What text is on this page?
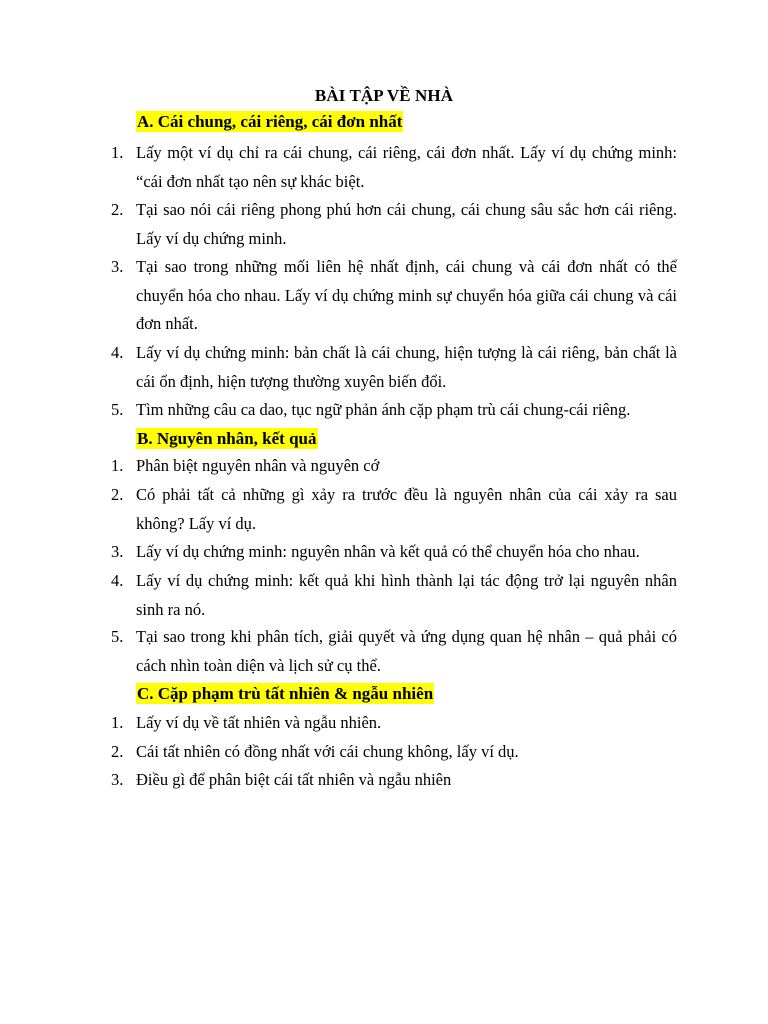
BÀI TẬP VỀ NHÀ
A. Cái chung, cái riêng, cái đơn nhất
1. Lấy một ví dụ chỉ ra cái chung, cái riêng, cái đơn nhất. Lấy ví dụ chứng minh: “cái đơn nhất tạo nên sự khác biệt.
2. Tại sao nói cái riêng phong phú hơn cái chung, cái chung sâu sắc hơn cái riêng. Lấy ví dụ chứng minh.
3. Tại sao trong những mối liên hệ nhất định, cái chung và cái đơn nhất có thể chuyển hóa cho nhau. Lấy ví dụ chứng minh sự chuyển hóa giữa cái chung và cái đơn nhất.
4. Lấy ví dụ chứng minh: bản chất là cái chung, hiện tượng là cái riêng, bản chất là cái ổn định, hiện tượng thường xuyên biến đổi.
5. Tìm những câu ca dao, tục ngữ phản ánh cặp phạm trù cái chung-cái riêng.
B. Nguyên nhân, kết quả
1. Phân biệt nguyên nhân và nguyên cớ
2. Có phải tất cả những gì xảy ra trước đều là nguyên nhân của cái xảy ra sau không? Lấy ví dụ.
3. Lấy ví dụ chứng minh: nguyên nhân và kết quả có thể chuyển hóa cho nhau.
4. Lấy ví dụ chứng minh: kết quả khi hình thành lại tác động trở lại nguyên nhân sinh ra nó.
5. Tại sao trong khi phân tích, giải quyết và ứng dụng quan hệ nhân – quả phải có cách nhìn toàn diện và lịch sử cụ thể.
C. Cặp phạm trù tất nhiên & ngẫu nhiên
1. Lấy ví dụ về tất nhiên và ngẫu nhiên.
2. Cái tất nhiên có đồng nhất với cái chung không, lấy ví dụ.
3. Điều gì để phân biệt cái tất nhiên và ngẫu nhiên
